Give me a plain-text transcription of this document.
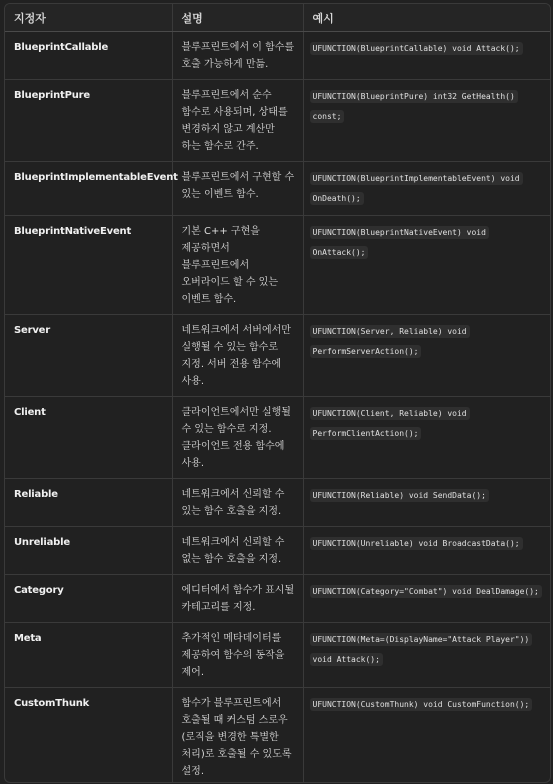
지정자	설명	예시
BlueprintCallable	블루프린트에서 이 함수를 호출 가능하게 만듦.	UFUNCTION(BlueprintCallable) void Attack();
BlueprintPure	블루프린트에서 순수 함수로 사용되며, 상태를 변경하지 않고 계산만 하는 함수로 간주.	UFUNCTION(BlueprintPure) int32 GetHealth() const;
BlueprintImplementableEvent	블루프린트에서 구현할 수 있는 이벤트 함수.	UFUNCTION(BlueprintImplementableEvent) void OnDeath();
BlueprintNativeEvent	기본 C++ 구현을 제공하면서 블루프린트에서 오버라이드 할 수 있는 이벤트 함수.	UFUNCTION(BlueprintNativeEvent) void OnAttack();
Server	네트워크에서 서버에서만 실행될 수 있는 함수로 지정. 서버 전용 함수에 사용.	UFUNCTION(Server, Reliable) void PerformServerAction();
Client	클라이언트에서만 실행될 수 있는 함수로 지정. 클라이언트 전용 함수에 사용.	UFUNCTION(Client, Reliable) void PerformClientAction();
Reliable	네트워크에서 신뢰할 수 있는 함수 호출을 지정.	UFUNCTION(Reliable) void SendData();
Unreliable	네트워크에서 신뢰할 수 없는 함수 호출을 지정.	UFUNCTION(Unreliable) void BroadcastData();
Category	에디터에서 함수가 표시될 카테고리를 지정.	UFUNCTION(Category="Combat") void DealDamage();
Meta	추가적인 메타데이터를 제공하여 함수의 동작을 제어.	UFUNCTION(Meta=(DisplayName="Attack Player")) void Attack();
CustomThunk	함수가 블루프린트에서 호출될 때 커스텀 스로우(로직을 변경한 특별한 처리)로 호출될 수 있도록 설정.	UFUNCTION(CustomThunk) void CustomFunction();
